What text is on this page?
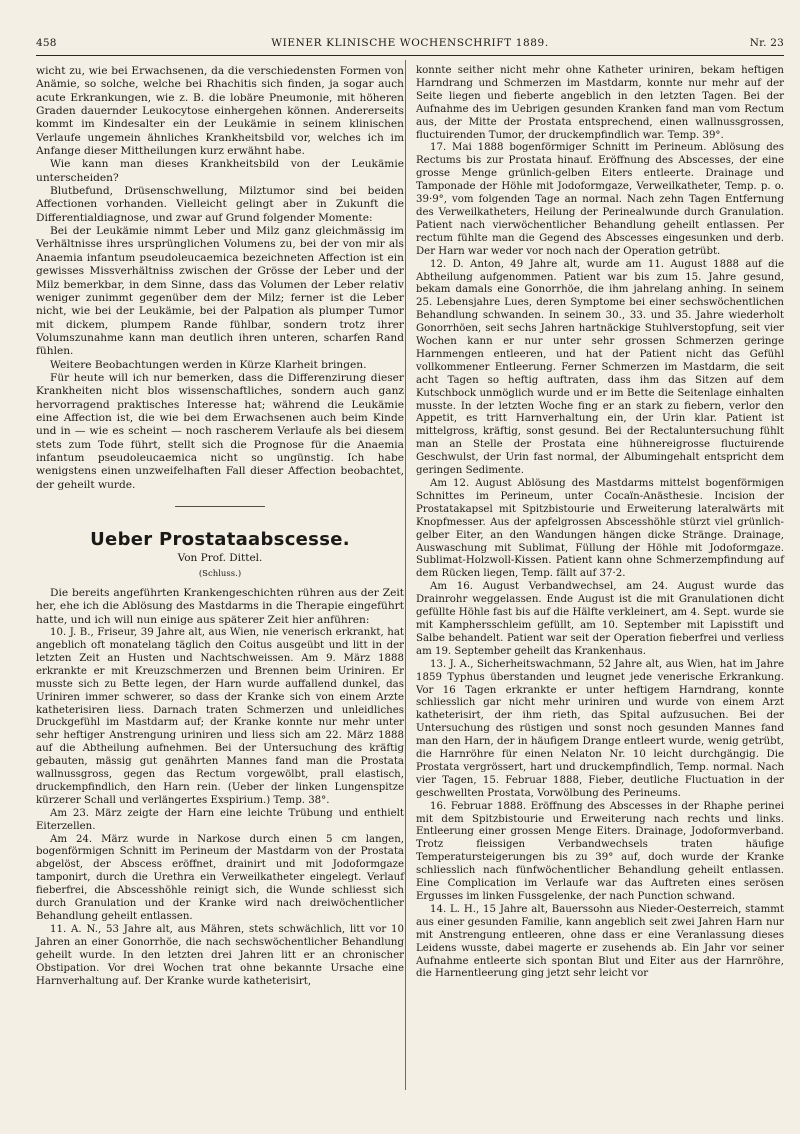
458	WIENER KLINISCHE WOCHENSCHRIFT 1889.	Nr. 23

wicht zu, wie bei Erwachsenen, da die verschiedensten Formen von Anämie, so solche, welche bei Rhachitis sich finden, ja sogar auch acute Erkrankungen, wie z. B. die lobäre Pneumonie, mit höheren Graden dauernder Leukocytose einhergehen können. Andererseits kommt im Kindesalter ein der Leukämie in seinem klinischen Verlaufe ungemein ähnliches Krankheitsbild vor, welches ich im Anfange dieser Mittheilungen kurz erwähnt habe.

Wie kann man dieses Krankheitsbild von der Leukämie unterscheiden?

Blutbefund, Drüsenschwellung, Milztumor sind bei beiden Affectionen vorhanden. Vielleicht gelingt aber in Zukunft die Differentialdiagnose, und zwar auf Grund folgender Momente:

Bei der Leukämie nimmt Leber und Milz ganz gleichmässig im Verhältnisse ihres ursprünglichen Volumens zu, bei der von mir als Anaemia infantum pseudoleucaemica bezeichneten Affection ist ein gewisses Missverhältniss zwischen der Grösse der Leber und der Milz bemerkbar, in dem Sinne, dass das Volumen der Leber relativ weniger zunimmt gegenüber dem der Milz; ferner ist die Leber nicht, wie bei der Leukämie, bei der Palpation als plumper Tumor mit dickem, plumpem Rande fühlbar, sondern trotz ihrer Volumszunahme kann man deutlich ihren unteren, scharfen Rand fühlen.

Weitere Beobachtungen werden in Kürze Klarheit bringen.

Für heute will ich nur bemerken, dass die Differenzirung dieser Krankheiten nicht blos wissenschaftliches, sondern auch ganz hervorragend praktisches Interesse hat; während die Leukämie eine Affection ist, die wie bei dem Erwachsenen auch beim Kinde und in — wie es scheint — noch rascherem Verlaufe als bei diesem stets zum Tode führt, stellt sich die Prognose für die Anaemia infantum pseudoleucaemica nicht so ungünstig. Ich habe wenigstens einen unzweifelhaften Fall dieser Affection beobachtet, der geheilt wurde.

Ueber Prostataabscesse.
Von Prof. Dittel.
(Schluss.)

Die bereits angeführten Krankengeschichten rühren aus der Zeit her, ehe ich die Ablösung des Mastdarms in die Therapie eingeführt hatte, und ich will nun einige aus späterer Zeit hier anführen:

10. J. B., Friseur, 39 Jahre alt, aus Wien, nie venerisch erkrankt, hat angeblich oft monatelang täglich den Coitus ausgeübt und litt in der letzten Zeit an Husten und Nachtschweissen. Am 9. März 1888 erkrankte er mit Kreuzschmerzen und Brennen beim Uriniren. Er musste sich zu Bette legen, der Harn wurde auffallend dunkel, das Uriniren immer schwerer, so dass der Kranke sich von einem Arzte katheterisiren liess. Darnach traten Schmerzen und unleidliches Druckgefühl im Mastdarm auf; der Kranke konnte nur mehr unter sehr heftiger Anstrengung uriniren und liess sich am 22. März 1888 auf die Abtheilung aufnehmen. Bei der Untersuchung des kräftig gebauten, mässig gut genährten Mannes fand man die Prostata wallnussgross, gegen das Rectum vorgewölbt, prall elastisch, druckempfindlich, den Harn rein. (Ueber der linken Lungenspitze kürzerer Schall und verlängertes Exspirium.) Temp. 38°.

Am 23. März zeigte der Harn eine leichte Trübung und enthielt Eiterzellen.

Am 24. März wurde in Narkose durch einen 5 cm langen, bogenförmigen Schnitt im Perineum der Mastdarm von der Prostata abgelöst, der Abscess eröffnet, drainirt und mit Jodoformgaze tamponirt, durch die Urethra ein Verweilkatheter eingelegt. Verlauf fieberfrei, die Abscesshöhle reinigt sich, die Wunde schliesst sich durch Granulation und der Kranke wird nach dreiwöchentlicher Behandlung geheilt entlassen.

11. A. N., 53 Jahre alt, aus Mähren, stets schwächlich, litt vor 10 Jahren an einer Gonorrhöe, die nach sechswöchentlicher Behandlung geheilt wurde. In den letzten drei Jahren litt er an chronischer Obstipation. Vor drei Wochen trat ohne bekannte Ursache eine Harnverhaltung auf. Der Kranke wurde katheterisirt,

konnte seither nicht mehr ohne Katheter uriniren, bekam heftigen Harndrang und Schmerzen im Mastdarm, konnte nur mehr auf der Seite liegen und fieberte angeblich in den letzten Tagen. Bei der Aufnahme des im Uebrigen gesunden Kranken fand man vom Rectum aus, der Mitte der Prostata entsprechend, einen wallnussgrossen, fluctuirenden Tumor, der druckempfindlich war. Temp. 39°.

17. Mai 1888 bogenförmiger Schnitt im Perineum. Ablösung des Rectums bis zur Prostata hinauf. Eröffnung des Abscesses, der eine grosse Menge grünlich-gelben Eiters entleerte. Drainage und Tamponade der Höhle mit Jodoformgaze, Verweilkatheter, Temp. p. o. 39·9°, vom folgenden Tage an normal. Nach zehn Tagen Entfernung des Verweilkatheters, Heilung der Perinealwunde durch Granulation. Patient nach vierwöchentlicher Behandlung geheilt entlassen. Per rectum fühlte man die Gegend des Abscesses eingesunken und derb. Der Harn war weder vor noch nach der Operation getrübt.

12. D. Anton, 49 Jahre alt, wurde am 11. August 1888 auf die Abtheilung aufgenommen. Patient war bis zum 15. Jahre gesund, bekam damals eine Gonorrhöe, die ihm jahrelang anhing. In seinem 25. Lebensjahre Lues, deren Symptome bei einer sechswöchentlichen Behandlung schwanden. In seinem 30., 33. und 35. Jahre wiederholt Gonorrhöen, seit sechs Jahren hartnäckige Stuhlverstopfung, seit vier Wochen kann er nur unter sehr grossen Schmerzen geringe Harnmengen entleeren, und hat der Patient nicht das Gefühl vollkommener Entleerung. Ferner Schmerzen im Mastdarm, die seit acht Tagen so heftig auftraten, dass ihm das Sitzen auf dem Kutschbock unmöglich wurde und er im Bette die Seitenlage einhalten musste. In der letzten Woche fing er an stark zu fiebern, verlor den Appetit, es tritt Harnverhaltung ein, der Urin klar. Patient ist mittelgross, kräftig, sonst gesund. Bei der Rectaluntersuchung fühlt man an Stelle der Prostata eine hühnereigrosse fluctuirende Geschwulst, der Urin fast normal, der Albumingehalt entspricht dem geringen Sedimente.

Am 12. August Ablösung des Mastdarms mittelst bogenförmigen Schnittes im Perineum, unter Cocaïn-Anästhesie. Incision der Prostatakapsel mit Spitzbistourie und Erweiterung lateralwärts mit Knopfmesser. Aus der apfelgrossen Abscesshöhle stürzt viel grünlich-gelber Eiter, an den Wandungen hängen dicke Stränge. Drainage, Auswaschung mit Sublimat, Füllung der Höhle mit Jodoformgaze. Sublimat-Holzwoll-Kissen. Patient kann ohne Schmerzempfindung auf dem Rücken liegen, Temp. fällt auf 37·2.

Am 16. August Verbandwechsel, am 24. August wurde das Drainrohr weggelassen. Ende August ist die mit Granulationen dicht gefüllte Höhle fast bis auf die Hälfte verkleinert, am 4. Sept. wurde sie mit Kamphersschleim gefüllt, am 10. September mit Lapisstift und Salbe behandelt. Patient war seit der Operation fieberfrei und verliess am 19. September geheilt das Krankenhaus.

13. J. A., Sicherheitswachmann, 52 Jahre alt, aus Wien, hat im Jahre 1859 Typhus überstanden und leugnet jede venerische Erkrankung. Vor 16 Tagen erkrankte er unter heftigem Harndrang, konnte schliesslich gar nicht mehr uriniren und wurde von einem Arzt katheterisirt, der ihm rieth, das Spital aufzusuchen. Bei der Untersuchung des rüstigen und sonst noch gesunden Mannes fand man den Harn, der in häufigem Drange entleert wurde, wenig getrübt, die Harnröhre für einen Nelaton Nr. 10 leicht durchgängig. Die Prostata vergrössert, hart und druckempfindlich, Temp. normal. Nach vier Tagen, 15. Februar 1888, Fieber, deutliche Fluctuation in der geschwellten Prostata, Vorwölbung des Perineums.

16. Februar 1888. Eröffnung des Abscesses in der Rhaphe perinei mit dem Spitzbistourie und Erweiterung nach rechts und links. Entleerung einer grossen Menge Eiters. Drainage, Jodoformverband. Trotz fleissigen Verbandwechsels traten häufige Temperatursteigerungen bis zu 39° auf, doch wurde der Kranke schliesslich nach fünfwöchentlicher Behandlung geheilt entlassen. Eine Complication im Verlaufe war das Auftreten eines serösen Ergusses im linken Fussgelenke, der nach Punction schwand.

14. L. H., 15 Jahre alt, Bauerssohn aus Nieder-Oesterreich, stammt aus einer gesunden Familie, kann angeblich seit zwei Jahren Harn nur mit Anstrengung entleeren, ohne dass er eine Veranlassung dieses Leidens wusste, dabei magerte er zusehends ab. Ein Jahr vor seiner Aufnahme entleerte sich spontan Blut und Eiter aus der Harnröhre, die Harnentleerung ging jetzt sehr leicht vor
